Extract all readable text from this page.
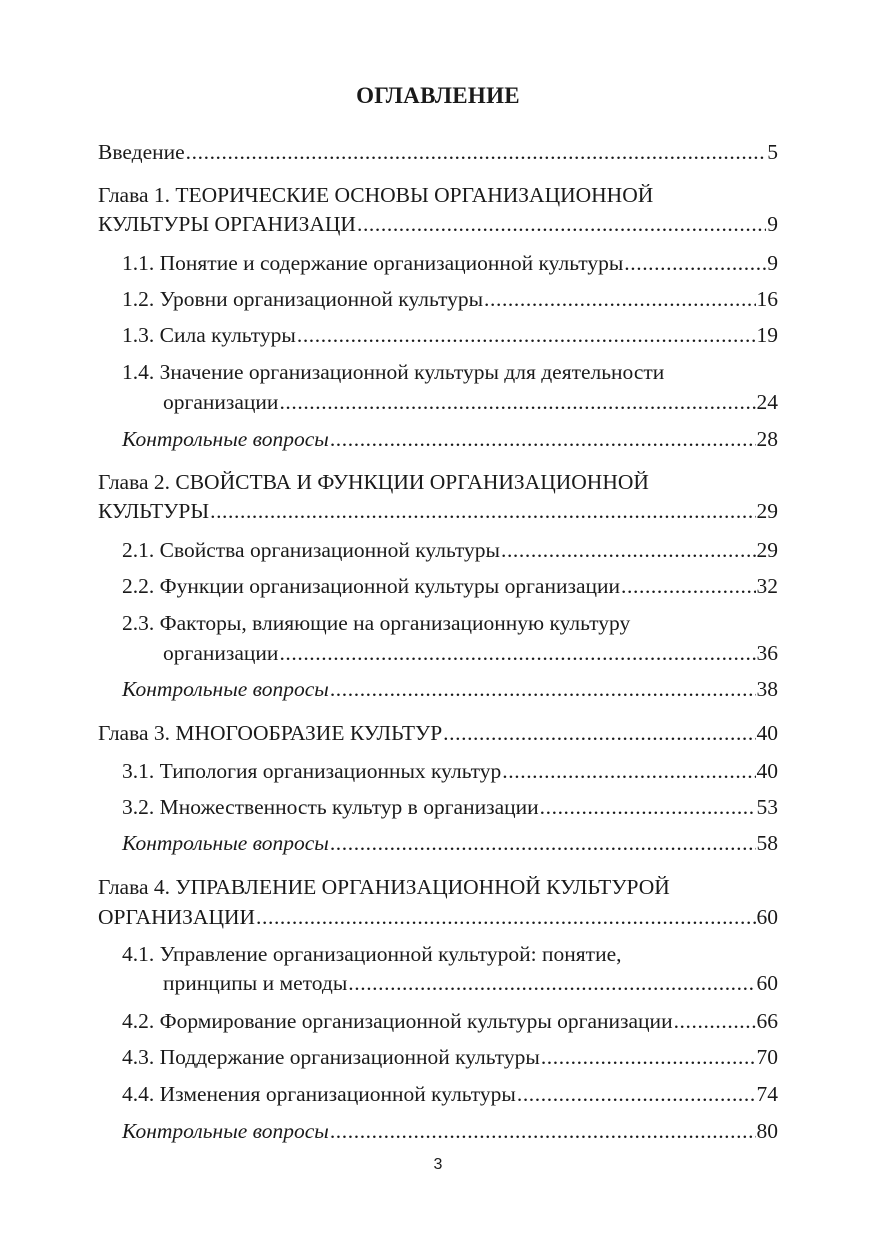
ОГЛАВЛЕНИЕ
Введение .....	5
Глава 1. ТЕОРИЧЕСКИЕ ОСНОВЫ ОРГАНИЗАЦИОННОЙ
КУЛЬТУРЫ ОРГАНИЗАЦИ .....	9
1.1. Понятие и содержание организационной культуры .....	9
1.2. Уровни организационной культуры .....	16
1.3. Сила культуры .....	19
1.4. Значение организационной культуры для деятельности
организации .....	24
Контрольные вопросы .....	28
Глава 2. СВОЙСТВА И ФУНКЦИИ ОРГАНИЗАЦИОННОЙ
КУЛЬТУРЫ .....	29
2.1. Свойства организационной культуры .....	29
2.2. Функции организационной культуры организации .....	32
2.3. Факторы, влияющие на организационную культуру
организации .....	36
Контрольные вопросы .....	38
Глава 3. МНОГООБРАЗИЕ КУЛЬТУР .....	40
3.1. Типология организационных культур .....	40
3.2. Множественность культур в организации .....	53
Контрольные вопросы .....	58
Глава 4. УПРАВЛЕНИЕ ОРГАНИЗАЦИОННОЙ КУЛЬТУРОЙ
ОРГАНИЗАЦИИ .....	60
4.1. Управление организационной культурой: понятие,
принципы и методы .....	60
4.2. Формирование организационной культуры организации .....	66
4.3. Поддержание организационной культуры .....	70
4.4. Изменения организационной культуры .....	74
Контрольные вопросы .....	80
3
